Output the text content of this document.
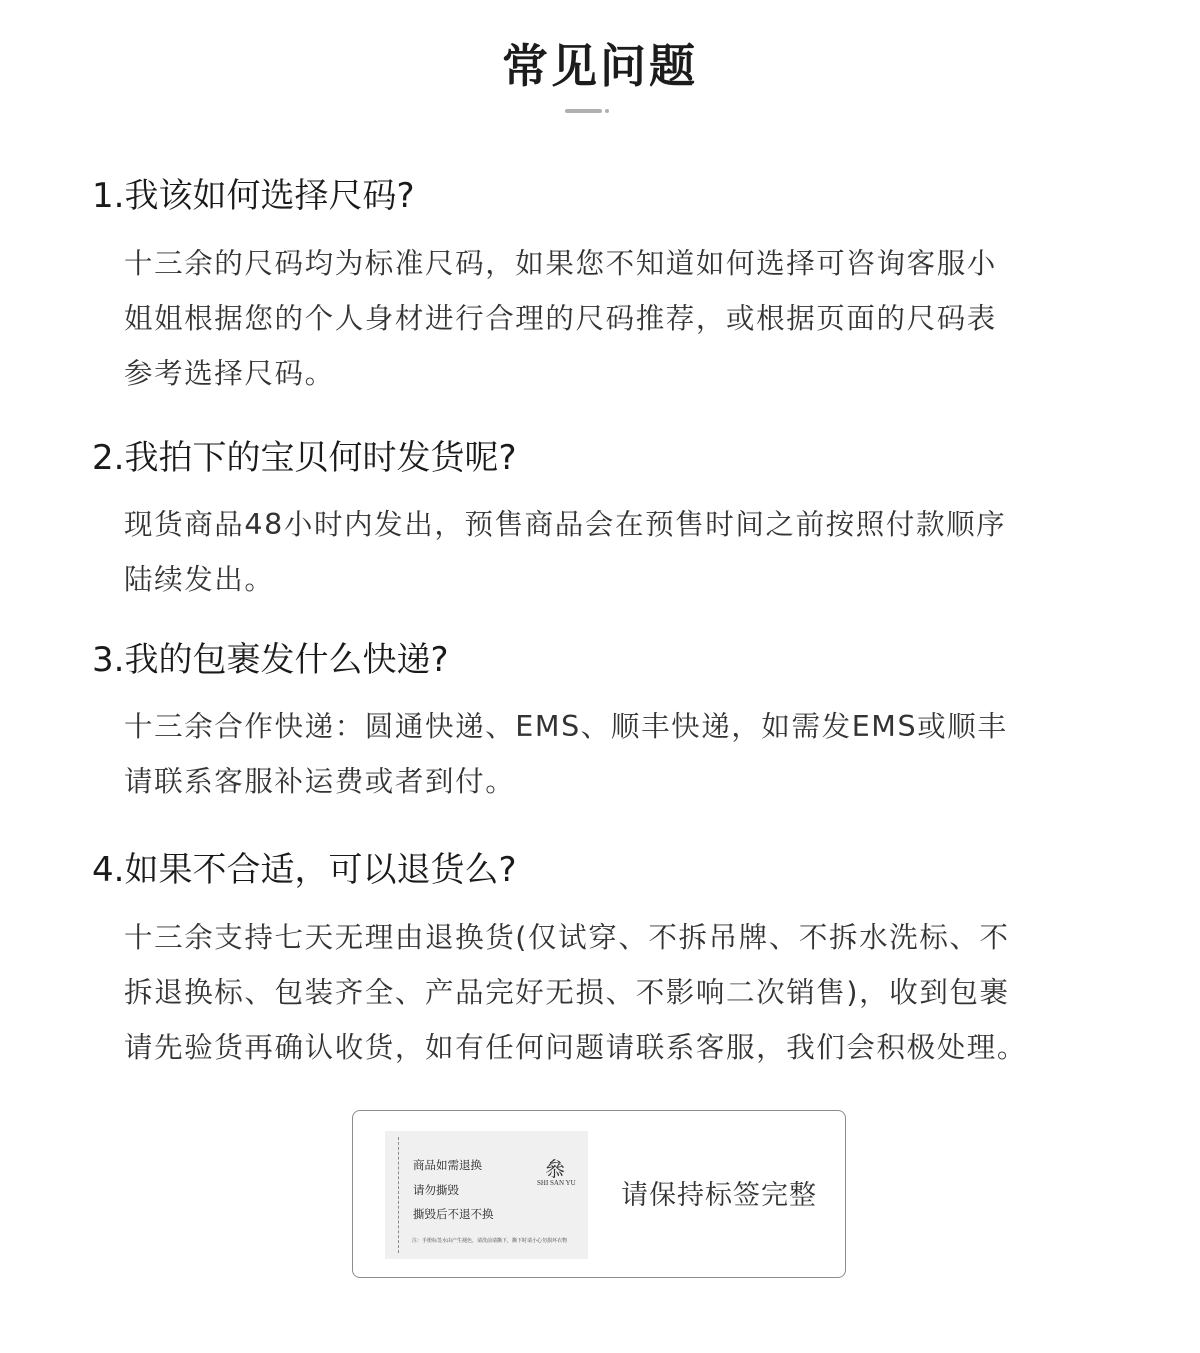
常见问题
1.我该如何选择尺码?
十三余的尺码均为标准尺码，如果您不知道如何选择可咨询客服小
姐姐根据您的个人身材进行合理的尺码推荐，或根据页面的尺码表
参考选择尺码。
2.我拍下的宝贝何时发货呢?
现货商品48小时内发出，预售商品会在预售时间之前按照付款顺序
陆续发出。
3.我的包裹发什么快递?
十三余合作快递：圆通快递、EMS、顺丰快递，如需发EMS或顺丰
请联系客服补运费或者到付。
4.如果不合适，可以退货么?
十三余支持七天无理由退换货(仅试穿、不拆吊牌、不拆水洗标、不
拆退换标、包装齐全、产品完好无损、不影响二次销售)，收到包裹
请先验货再确认收货，如有任何问题请联系客服，我们会积极处理。
商品如需退换
请勿撕毁
撕毁后不退不换
叅
SHI SAN YU
注：手册标签水由产生褪色，请洗前请撕下，撕下时请小心勿损坏衣物
请保持标签完整
